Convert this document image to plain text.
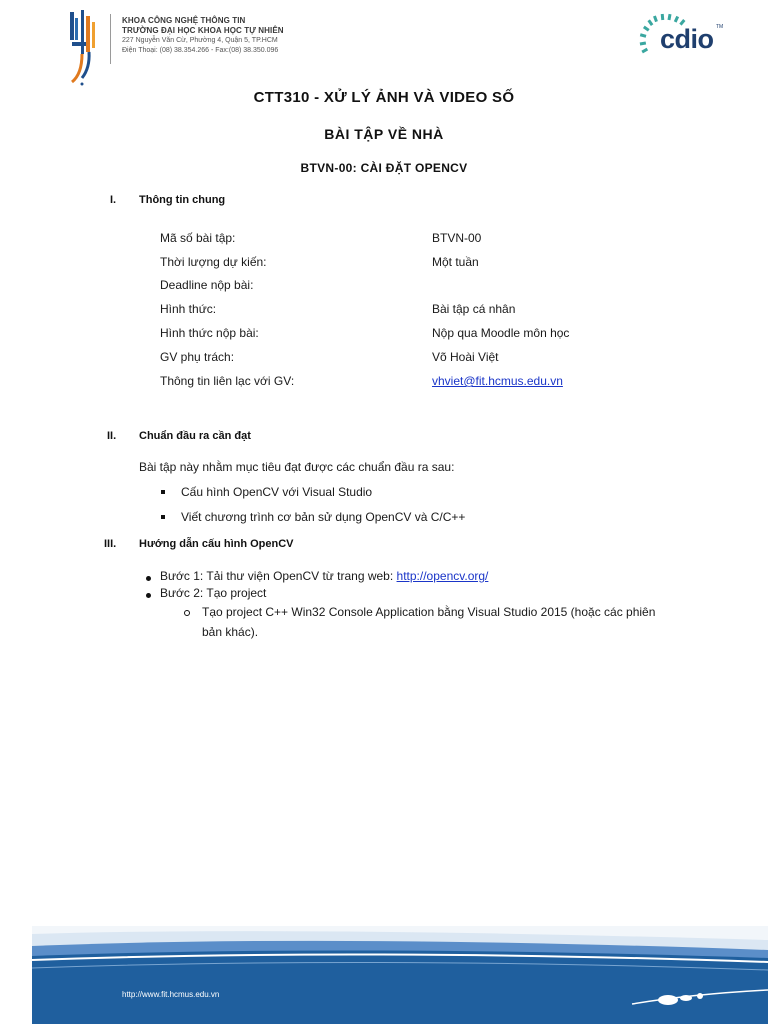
KHOA CÔNG NGHỆ THÔNG TIN
TRƯỜNG ĐẠI HỌC KHOA HỌC TỰ NHIÊN
227 Nguyễn Văn Cừ, Phường 4, Quận 5, TP.HCM
Điện Thoại: (08) 38.354.266 - Fax:(08) 38.350.096	cdio TM
CTT310 - XỬ LÝ ẢNH VÀ VIDEO SỐ
BÀI TẬP VỀ NHÀ
BTVN-00: CÀI ĐẶT OPENCV
I. Thông tin chung
Mã số bài tập:	BTVN-00
Thời lượng dự kiến:	Một tuần
Deadline nộp bài:
Hình thức:	Bài tập cá nhân
Hình thức nộp bài:	Nộp qua Moodle môn học
GV phụ trách:	Võ Hoài Việt
Thông tin liên lạc với GV:	vhviet@fit.hcmus.edu.vn
II. Chuẩn đầu ra cần đạt
Bài tập này nhằm mục tiêu đạt được các chuẩn đầu ra sau:
Cấu hình OpenCV với Visual Studio
Viết chương trình cơ bản sử dụng OpenCV và C/C++
III. Hướng dẫn cấu hình OpenCV
Bước 1: Tải thư viện OpenCV từ trang web: http://opencv.org/
Bước 2: Tạo project
Tạo project C++ Win32 Console Application bằng Visual Studio 2015 (hoặc các phiên
bản khác).
http://www.fit.hcmus.edu.vn
